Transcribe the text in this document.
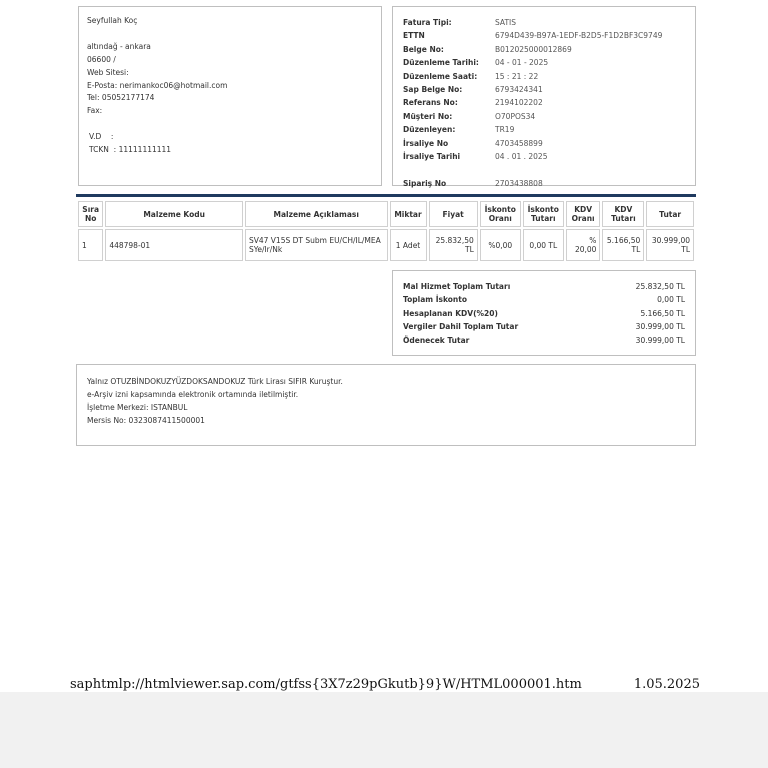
Seyfullah Koç

altındağ - ankara
06600 /
Web Sitesi:
E-Posta: nerimankoc06@hotmail.com
Tel: 05052177174
Fax:

V.D    :
TCKN  : 11111111111
Fatura Tipi:	SATIS
ETTN	6794D439-B97A-1EDF-B2D5-F1D2BF3C9749
Belge No:	B012025000012869
Düzenleme Tarihi:	04 - 01 - 2025
Düzenleme Saati:	15 : 21 : 22
Sap Belge No:	6793424341
Referans No:	2194102202
Müşteri No:	O70POS34
Düzenleyen:	TR19
İrsaliye No	4703458899
İrsaliye Tarihi	04 . 01 . 2025
Sipariş No	2703438808
Sıra No	Malzeme Kodu	Malzeme Açıklaması	Miktar	Fiyat	İskonto Oranı	İskonto Tutarı	KDV Oranı	KDV Tutarı	Tutar
1	448798-01	SV47 V15S DT Subm EU/CH/IL/MEA SYe/Ir/Nk	1 Adet	25.832,50 TL	%0,00	0,00 TL	% 20,00	5.166,50 TL	30.999,00 TL
Mal Hizmet Toplam Tutarı	25.832,50 TL
Toplam İskonto	0,00 TL
Hesaplanan KDV(%20)	5.166,50 TL
Vergiler Dahil Toplam Tutar	30.999,00 TL
Ödenecek Tutar	30.999,00 TL
Yalnız OTUZBİNDOKUZYÜZDOKSANDOKUZ Türk Lirası SIFIR Kuruştur.
e-Arşiv izni kapsamında elektronik ortamında iletilmiştir.
İşletme Merkezi: ISTANBUL
Mersis No: 0323087411500001
saphtmlp://htmlviewer.sap.com/gtfss{3X7z29pGkutb}9}W/HTML000001.htm	1.05.2025
